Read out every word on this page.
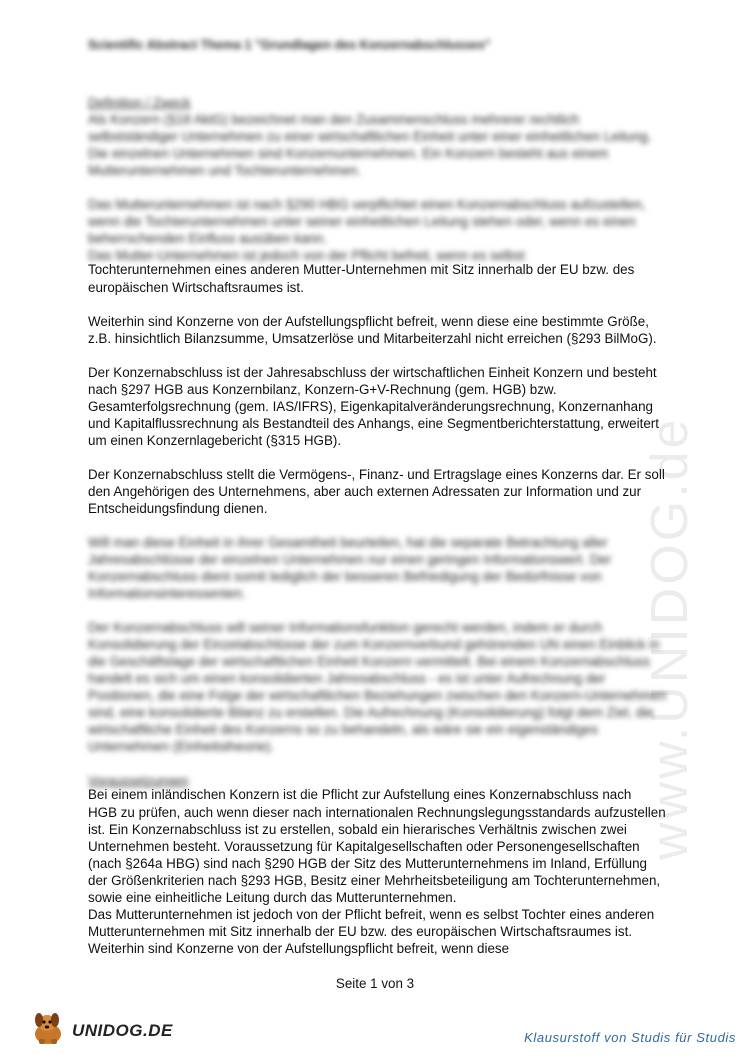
www.UNIDOG.de
Scientific Abstract Thema 1 "Grundlagen des Konzernabschlusses"
Definition / Zweck

Als Konzern (§18 AktG) bezeichnet man den Zusammenschluss mehrerer rechtlich selbstständiger Unternehmen zu einer wirtschaftlichen Einheit unter einer einheitlichen Leitung. Die einzelnen Unternehmen sind Konzernunternehmen. Ein Konzern besteht aus einem Mutterunternehmen und Tochterunternehmen.

Das Mutterunternehmen ist nach §290 HBG verpflichtet einen Konzernabschluss aufzustellen, wenn die Tochterunternehmen unter seiner einheitlichen Leitung stehen oder, wenn es einen beherrschenden Einfluss ausüben kann.

Das Mutter-Unternehmen ist jedoch von der Pflicht befreit, wenn es selbst

Tochterunternehmen eines anderen Mutter-Unternehmen mit Sitz innerhalb der EU bzw. des

europäischen Wirtschaftsraumes ist.

Weiterhin sind Konzerne von der Aufstellungspflicht befreit, wenn diese eine bestimmte Größe, z.B. hinsichtlich Bilanzsumme, Umsatzerlöse und Mitarbeiterzahl nicht erreichen (§293 BilMoG).

Der Konzernabschluss ist der Jahresabschluss der wirtschaftlichen Einheit Konzern und besteht nach §297 HGB aus Konzernbilanz, Konzern-G+V-Rechnung (gem. HGB) bzw. Gesamterfolgsrechnung (gem. IAS/IFRS), Eigenkapitalveränderungsrechnung, Konzernanhang und Kapitalflussrechnung als Bestandteil des Anhangs, eine Segmentberichterstattung, erweitert um einen Konzernlagebericht (§315 HGB).

Der Konzernabschluss stellt die Vermögens-, Finanz- und Ertragslage eines Konzerns dar. Er soll den Angehörigen des Unternehmens, aber auch externen Adressaten zur Information und zur Entscheidungsfindung dienen.

Will man diese Einheit in ihrer Gesamtheit beurteilen, hat die separate Betrachtung aller Jahresabschlüsse der einzelnen Unternehmen nur einen geringen Informationswert. Der Konzernabschluss dient somit lediglich der besseren Befriedigung der Bedürfnisse von Informationsinteressenten.

Der Konzernabschluss will seiner Informationsfunktion gerecht werden, indem er durch Konsolidierung der Einzelabschlüsse der zum Konzernverbund gehörenden UN einen Einblick in die Geschäftslage der wirtschaftlichen Einheit Konzern vermittelt. Bei einem Konzernabschluss handelt es sich um einen konsolidierten Jahresabschluss - es ist unter Aufrechnung der Positionen, die eine Folge der wirtschaftlichen Beziehungen zwischen den Konzern-Unternehmen sind, eine konsolidierte Bilanz zu erstellen. Die Aufrechnung (Konsolidierung) folgt dem Ziel, die wirtschaftliche Einheit des Konzerns so zu behandeln, als wäre sie ein eigenständiges Unternehmen (Einheitstheorie).

Voraussetzungen
Bei einem inländischen Konzern ist die Pflicht zur Aufstellung eines Konzernabschluss nach

HGB zu prüfen, auch wenn dieser nach internationalen Rechnungslegungsstandards aufzustellen ist. Ein Konzernabschluss ist zu erstellen, sobald ein hierarisches Verhältnis zwischen zwei Unternehmen besteht. Voraussetzung für Kapitalgesellschaften oder Personengesellschaften (nach §264a HBG) sind nach §290 HGB der Sitz des Mutterunternehmens im Inland, Erfüllung der Größenkriterien nach §293 HGB, Besitz einer Mehrheitsbeteiligung am Tochterunternehmen, sowie eine einheitliche Leitung durch das Mutterunternehmen.

Das Mutterunternehmen ist jedoch von der Pflicht befreit, wenn es selbst Tochter eines anderen Mutterunternehmen mit Sitz innerhalb der EU bzw. des europäischen Wirtschaftsraumes ist. Weiterhin sind Konzerne von der Aufstellungspflicht befreit, wenn diese

Seite 1 von 3
UNIDOG.DE	Klausurstoff von Studis für Studis
